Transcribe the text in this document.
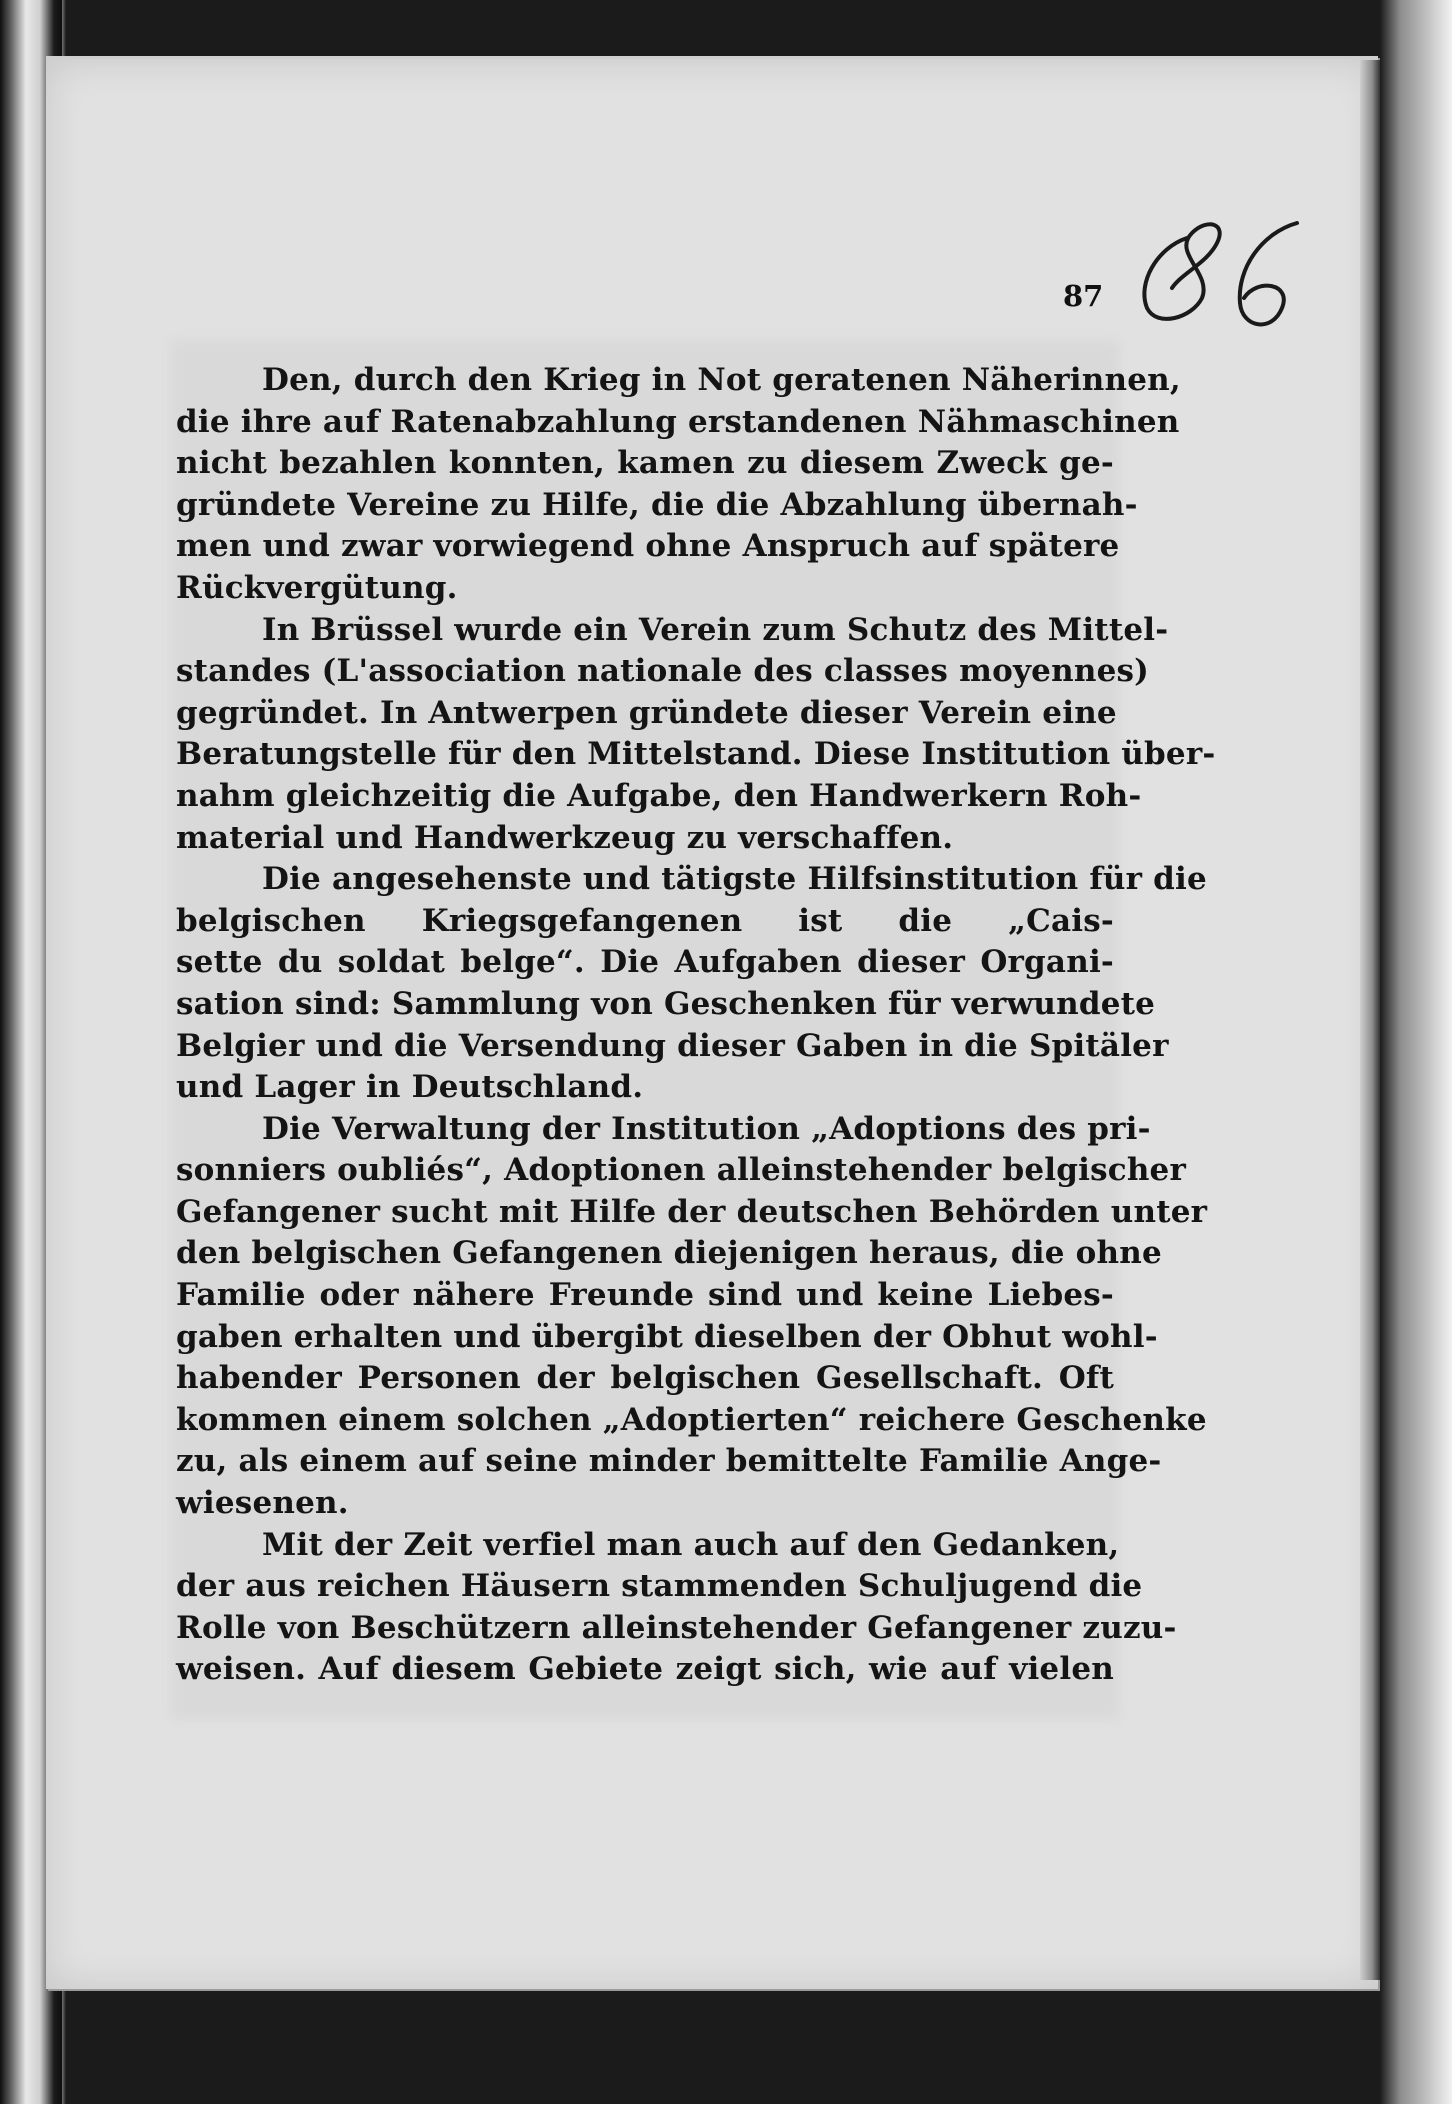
87

Den, durch den Krieg in Not geratenen Näherinnen,
die ihre auf Ratenabzahlung erstandenen Nähmaschinen
nicht bezahlen konnten, kamen zu diesem Zweck ge-
gründete Vereine zu Hilfe, die die Abzahlung übernah-
men und zwar vorwiegend ohne Anspruch auf spätere
Rückvergütung.

In Brüssel wurde ein Verein zum Schutz des Mittel-
standes (L'association nationale des classes moyennes)
gegründet. In Antwerpen gründete dieser Verein eine
Beratungstelle für den Mittelstand. Diese Institution über-
nahm gleichzeitig die Aufgabe, den Handwerkern Roh-
material und Handwerkzeug zu verschaffen.

Die angesehenste und tätigste Hilfsinstitution für die
belgischen Kriegsgefangenen ist die „Cais-
sette du soldat belge“. Die Aufgaben dieser Organi-
sation sind: Sammlung von Geschenken für verwundete
Belgier und die Versendung dieser Gaben in die Spitäler
und Lager in Deutschland.

Die Verwaltung der Institution „Adoptions des pri-
sonniers oubliés“, Adoptionen alleinstehender belgischer
Gefangener sucht mit Hilfe der deutschen Behörden unter
den belgischen Gefangenen diejenigen heraus, die ohne
Familie oder nähere Freunde sind und keine Liebes-
gaben erhalten und übergibt dieselben der Obhut wohl-
habender Personen der belgischen Gesellschaft. Oft
kommen einem solchen „Adoptierten“ reichere Geschenke
zu, als einem auf seine minder bemittelte Familie Ange-
wiesenen.

Mit der Zeit verfiel man auch auf den Gedanken,
der aus reichen Häusern stammenden Schuljugend die
Rolle von Beschützern alleinstehender Gefangener zuzu-
weisen. Auf diesem Gebiete zeigt sich, wie auf vielen
